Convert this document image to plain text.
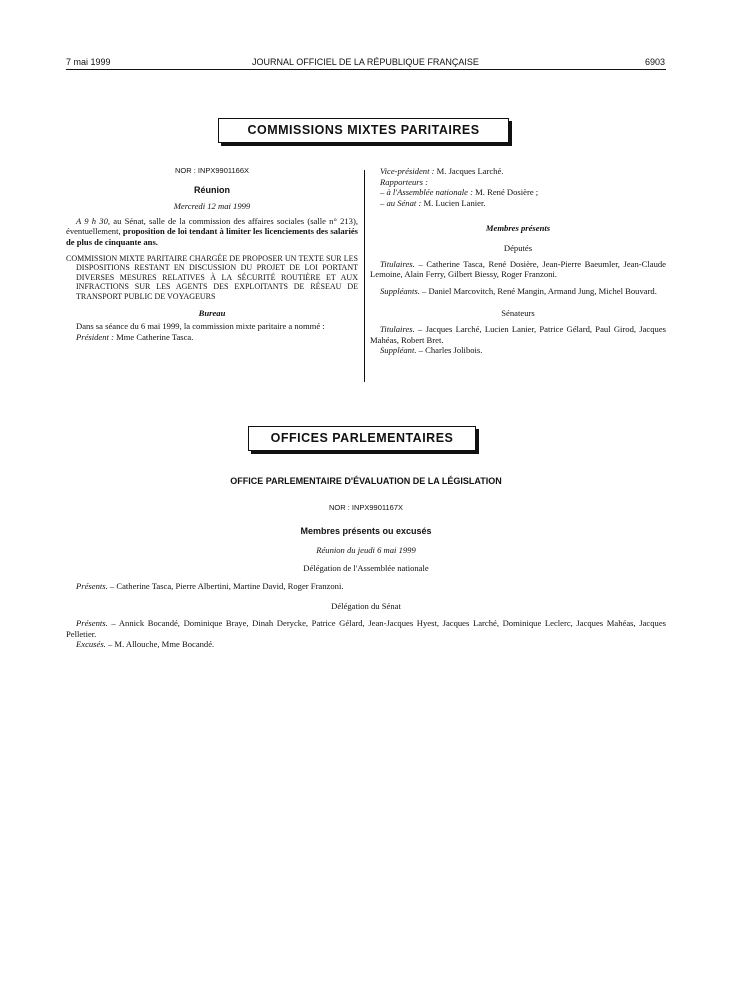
7 mai 1999	JOURNAL OFFICIEL DE LA RÉPUBLIQUE FRANÇAISE	6903
COMMISSIONS MIXTES PARITAIRES

NOR : INPX9901166X

Réunion

Mercredi 12 mai 1999

A 9 h 30, au Sénat, salle de la commission des affaires sociales (salle n° 213), éventuellement, proposition de loi tendant à limiter les licenciements des salariés de plus de cinquante ans.

COMMISSION MIXTE PARITAIRE CHARGÉE DE PROPOSER UN TEXTE SUR LES DISPOSITIONS RESTANT EN DISCUSSION DU PROJET DE LOI PORTANT DIVERSES MESURES RELATIVES À LA SÉCURITÉ ROUTIÈRE ET AUX INFRACTIONS SUR LES AGENTS DES EXPLOITANTS DE RÉSEAU DE TRANSPORT PUBLIC DE VOYAGEURS

Bureau

Dans sa séance du 6 mai 1999, la commission mixte paritaire a nommé :

Président : Mme Catherine Tasca.

Vice-président : M. Jacques Larché.

Rapporteurs :

– à l'Assemblée nationale : M. René Dosière ;

– au Sénat : M. Lucien Lanier.

Membres présents

Députés

Titulaires. – Catherine Tasca, René Dosière, Jean-Pierre Baeumler, Jean-Claude Lemoine, Alain Ferry, Gilbert Biessy, Roger Franzoni.

Suppléants. – Daniel Marcovitch, René Mangin, Armand Jung, Michel Bouvard.

Sénateurs

Titulaires. – Jacques Larché, Lucien Lanier, Patrice Gélard, Paul Girod, Jacques Mahéas, Robert Bret.

Suppléant. – Charles Jolibois.

OFFICES PARLEMENTAIRES

OFFICE PARLEMENTAIRE D'ÉVALUATION DE LA LÉGISLATION

NOR : INPX9901167X

Membres présents ou excusés

Réunion du jeudi 6 mai 1999

Délégation de l'Assemblée nationale

Présents. – Catherine Tasca, Pierre Albertini, Martine David, Roger Franzoni.

Délégation du Sénat

Présents. – Annick Bocandé, Dominique Braye, Dinah Derycke, Patrice Gélard, Jean-Jacques Hyest, Jacques Larché, Dominique Leclerc, Jacques Mahéas, Jacques Pelletier.

Excusés. – M. Allouche, Mme Bocandé.
